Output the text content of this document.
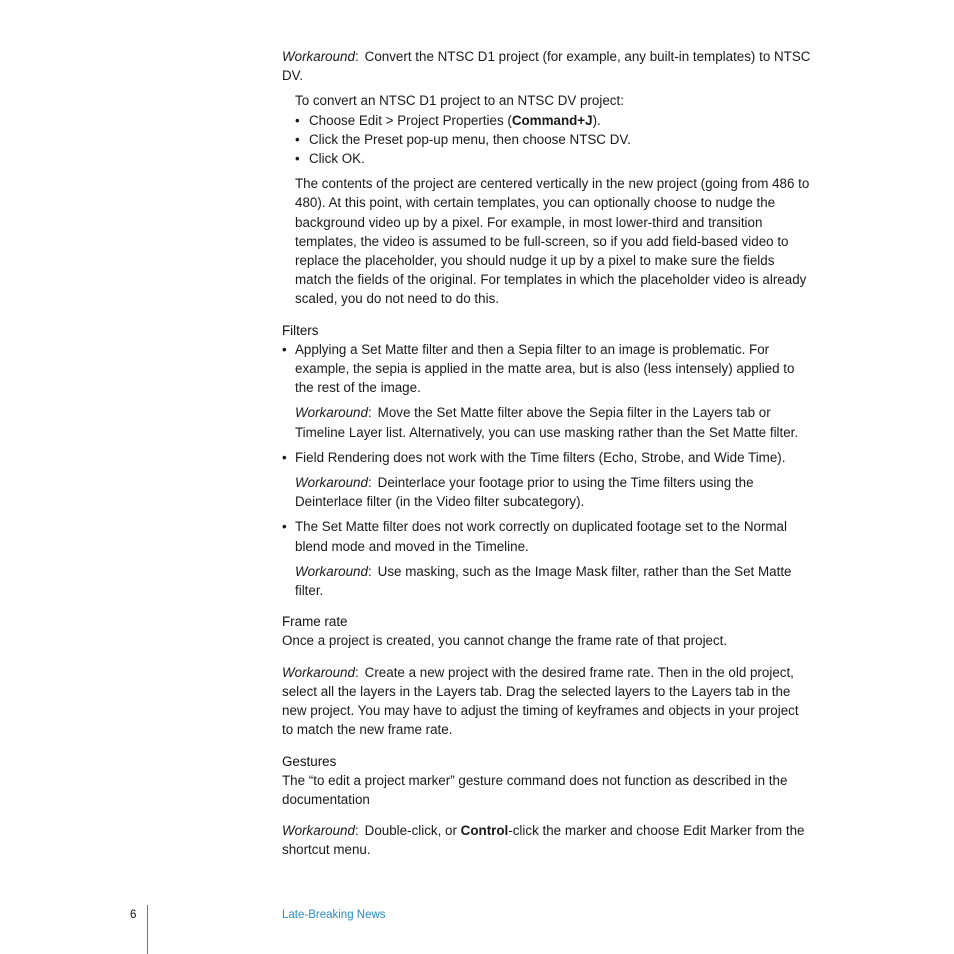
Workaround: Convert the NTSC D1 project (for example, any built-in templates) to NTSC DV.

To convert an NTSC D1 project to an NTSC DV project:

• Choose Edit > Project Properties (Command+J).
• Click the Preset pop-up menu, then choose NTSC DV.
• Click OK.

The contents of the project are centered vertically in the new project (going from 486 to 480). At this point, with certain templates, you can optionally choose to nudge the background video up by a pixel. For example, in most lower-third and transition templates, the video is assumed to be full-screen, so if you add field-based video to replace the placeholder, you should nudge it up by a pixel to make sure the fields match the fields of the original. For templates in which the placeholder video is already scaled, you do not need to do this.

Filters

• Applying a Set Matte filter and then a Sepia filter to an image is problematic. For example, the sepia is applied in the matte area, but is also (less intensely) applied to the rest of the image.

Workaround: Move the Set Matte filter above the Sepia filter in the Layers tab or Timeline Layer list. Alternatively, you can use masking rather than the Set Matte filter.

• Field Rendering does not work with the Time filters (Echo, Strobe, and Wide Time).

Workaround: Deinterlace your footage prior to using the Time filters using the Deinterlace filter (in the Video filter subcategory).

• The Set Matte filter does not work correctly on duplicated footage set to the Normal blend mode and moved in the Timeline.

Workaround: Use masking, such as the Image Mask filter, rather than the Set Matte filter.

Frame rate

Once a project is created, you cannot change the frame rate of that project.

Workaround: Create a new project with the desired frame rate. Then in the old project, select all the layers in the Layers tab. Drag the selected layers to the Layers tab in the new project. You may have to adjust the timing of keyframes and objects in your project to match the new frame rate.

Gestures

The “to edit a project marker” gesture command does not function as described in the documentation

Workaround: Double-click, or Control-click the marker and choose Edit Marker from the shortcut menu.

6	Late-Breaking News
